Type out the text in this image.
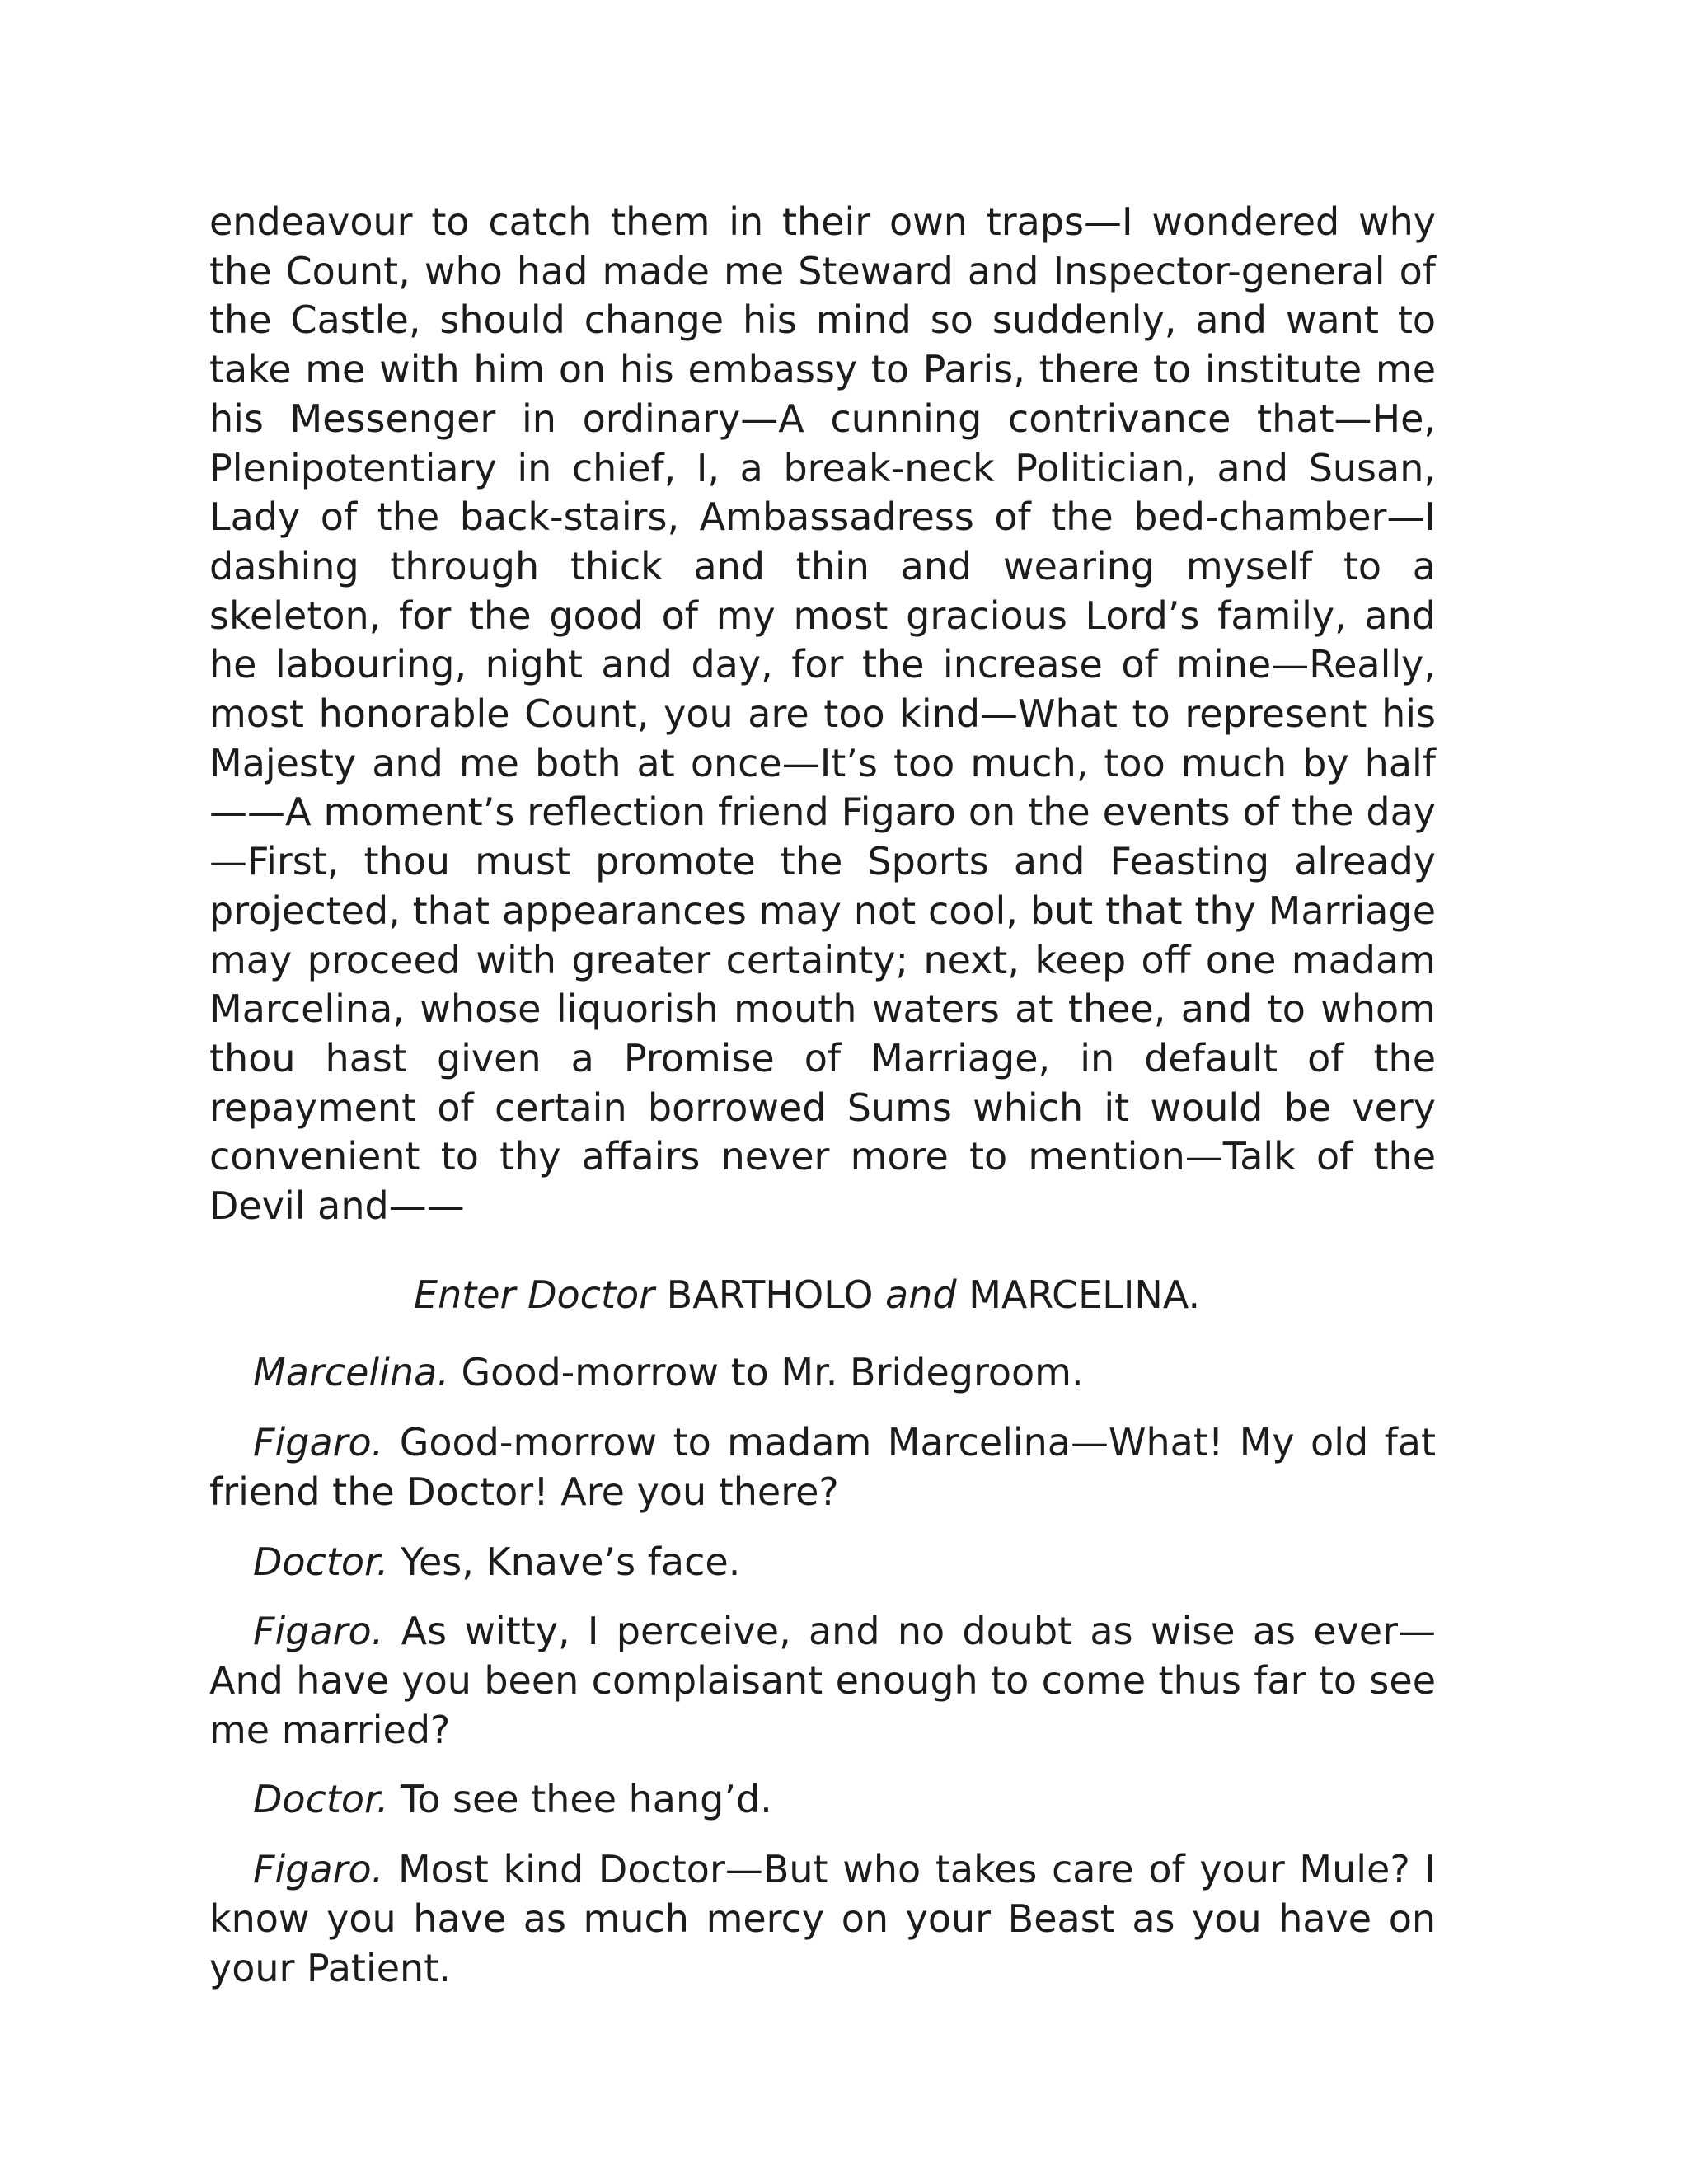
endeavour to catch them in their own traps—I wondered why the Count, who had made me Steward and Inspector-general of the Castle, should change his mind so suddenly, and want to take me with him on his embassy to Paris, there to institute me his Messenger in ordinary—A cunning contrivance that—He, Plenipotentiary in chief, I, a break-neck Politician, and Susan, Lady of the back-stairs, Ambassadress of the bed-chamber—I dashing through thick and thin and wearing myself to a skeleton, for the good of my most gracious Lord’s family, and he labouring, night and day, for the increase of mine—Really, most honorable Count, you are too kind—What to represent his Majesty and me both at once—It’s too much, too much by half——A moment’s reflection friend Figaro on the events of the day—First, thou must promote the Sports and Feasting already projected, that appearances may not cool, but that thy Marriage may proceed with greater certainty; next, keep off one madam Marcelina, whose liquorish mouth waters at thee, and to whom thou hast given a Promise of Marriage, in default of the repayment of certain borrowed Sums which it would be very convenient to thy affairs never more to mention—Talk of the Devil and——

Enter Doctor BARTHOLO and MARCELINA.

Marcelina. Good-morrow to Mr. Bridegroom.

Figaro. Good-morrow to madam Marcelina—What! My old fat friend the Doctor! Are you there?

Doctor. Yes, Knave’s face.

Figaro. As witty, I perceive, and no doubt as wise as ever—And have you been complaisant enough to come thus far to see me married?

Doctor. To see thee hang’d.

Figaro. Most kind Doctor—But who takes care of your Mule? I know you have as much mercy on your Beast as you have on your Patient.
